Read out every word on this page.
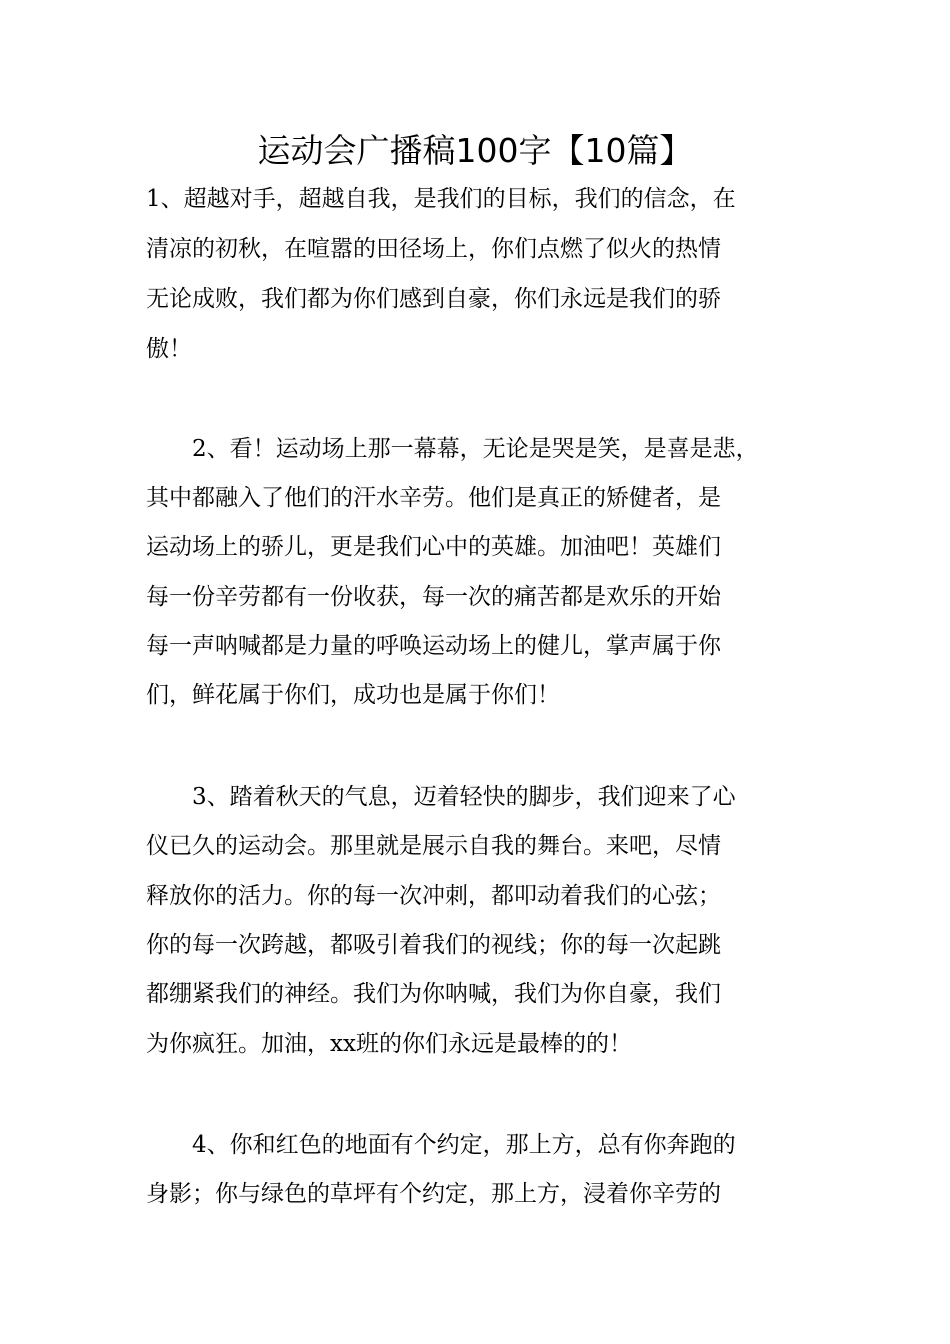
运动会广播稿100字【10篇】
1、超越对手，超越自我，是我们的目标，我们的信念，在
清凉的初秋，在喧嚣的田径场上，你们点燃了似火的热情
无论成败，我们都为你们感到自豪，你们永远是我们的骄
傲！
　　2、看！运动场上那一幕幕，无论是哭是笑，是喜是悲，
其中都融入了他们的汗水辛劳。他们是真正的矫健者，是
运动场上的骄儿，更是我们心中的英雄。加油吧！英雄们
每一份辛劳都有一份收获，每一次的痛苦都是欢乐的开始
每一声呐喊都是力量的呼唤运动场上的健儿，掌声属于你
们，鲜花属于你们，成功也是属于你们！
　　3、踏着秋天的气息，迈着轻快的脚步，我们迎来了心
仪已久的运动会。那里就是展示自我的舞台。来吧，尽情
释放你的活力。你的每一次冲刺，都叩动着我们的心弦；
你的每一次跨越，都吸引着我们的视线；你的每一次起跳
都绷紧我们的神经。我们为你呐喊，我们为你自豪，我们
为你疯狂。加油，xx班的你们永远是最棒的的！
　　4、你和红色的地面有个约定，那上方，总有你奔跑的
身影；你与绿色的草坪有个约定，那上方，浸着你辛劳的
